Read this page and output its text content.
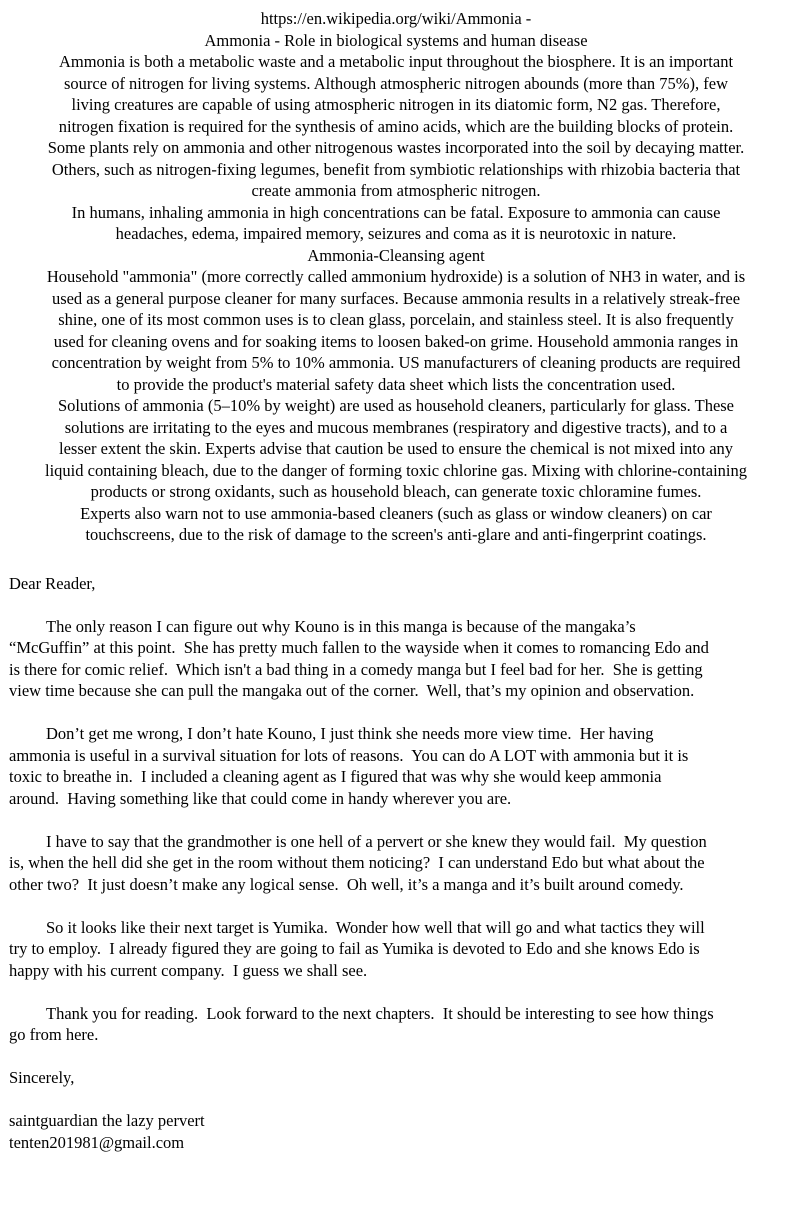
https://en.wikipedia.org/wiki/Ammonia -
Ammonia - Role in biological systems and human disease
Ammonia is both a metabolic waste and a metabolic input throughout the biosphere. It is an important
source of nitrogen for living systems. Although atmospheric nitrogen abounds (more than 75%), few
living creatures are capable of using atmospheric nitrogen in its diatomic form, N2 gas. Therefore,
nitrogen fixation is required for the synthesis of amino acids, which are the building blocks of protein.
Some plants rely on ammonia and other nitrogenous wastes incorporated into the soil by decaying matter.
Others, such as nitrogen-fixing legumes, benefit from symbiotic relationships with rhizobia bacteria that
create ammonia from atmospheric nitrogen.
In humans, inhaling ammonia in high concentrations can be fatal. Exposure to ammonia can cause
headaches, edema, impaired memory, seizures and coma as it is neurotoxic in nature.
Ammonia-Cleansing agent
Household "ammonia" (more correctly called ammonium hydroxide) is a solution of NH3 in water, and is
used as a general purpose cleaner for many surfaces. Because ammonia results in a relatively streak-free
shine, one of its most common uses is to clean glass, porcelain, and stainless steel. It is also frequently
used for cleaning ovens and for soaking items to loosen baked-on grime. Household ammonia ranges in
concentration by weight from 5% to 10% ammonia. US manufacturers of cleaning products are required
to provide the product's material safety data sheet which lists the concentration used.
Solutions of ammonia (5–10% by weight) are used as household cleaners, particularly for glass. These
solutions are irritating to the eyes and mucous membranes (respiratory and digestive tracts), and to a
lesser extent the skin. Experts advise that caution be used to ensure the chemical is not mixed into any
liquid containing bleach, due to the danger of forming toxic chlorine gas. Mixing with chlorine-containing
products or strong oxidants, such as household bleach, can generate toxic chloramine fumes.
Experts also warn not to use ammonia-based cleaners (such as glass or window cleaners) on car
touchscreens, due to the risk of damage to the screen's anti-glare and anti-fingerprint coatings.
Dear Reader,
The only reason I can figure out why Kouno is in this manga is because of the mangaka’s
“McGuffin” at this point.  She has pretty much fallen to the wayside when it comes to romancing Edo and
is there for comic relief.  Which isn't a bad thing in a comedy manga but I feel bad for her.  She is getting
view time because she can pull the mangaka out of the corner.  Well, that’s my opinion and observation.
Don’t get me wrong, I don’t hate Kouno, I just think she needs more view time.  Her having
ammonia is useful in a survival situation for lots of reasons.  You can do A LOT with ammonia but it is
toxic to breathe in.  I included a cleaning agent as I figured that was why she would keep ammonia
around.  Having something like that could come in handy wherever you are.
I have to say that the grandmother is one hell of a pervert or she knew they would fail.  My question
is, when the hell did she get in the room without them noticing?  I can understand Edo but what about the
other two?  It just doesn’t make any logical sense.  Oh well, it’s a manga and it’s built around comedy.
So it looks like their next target is Yumika.  Wonder how well that will go and what tactics they will
try to employ.  I already figured they are going to fail as Yumika is devoted to Edo and she knows Edo is
happy with his current company.  I guess we shall see.
Thank you for reading.  Look forward to the next chapters.  It should be interesting to see how things
go from here.
Sincerely,
saintguardian the lazy pervert
tenten201981@gmail.com
